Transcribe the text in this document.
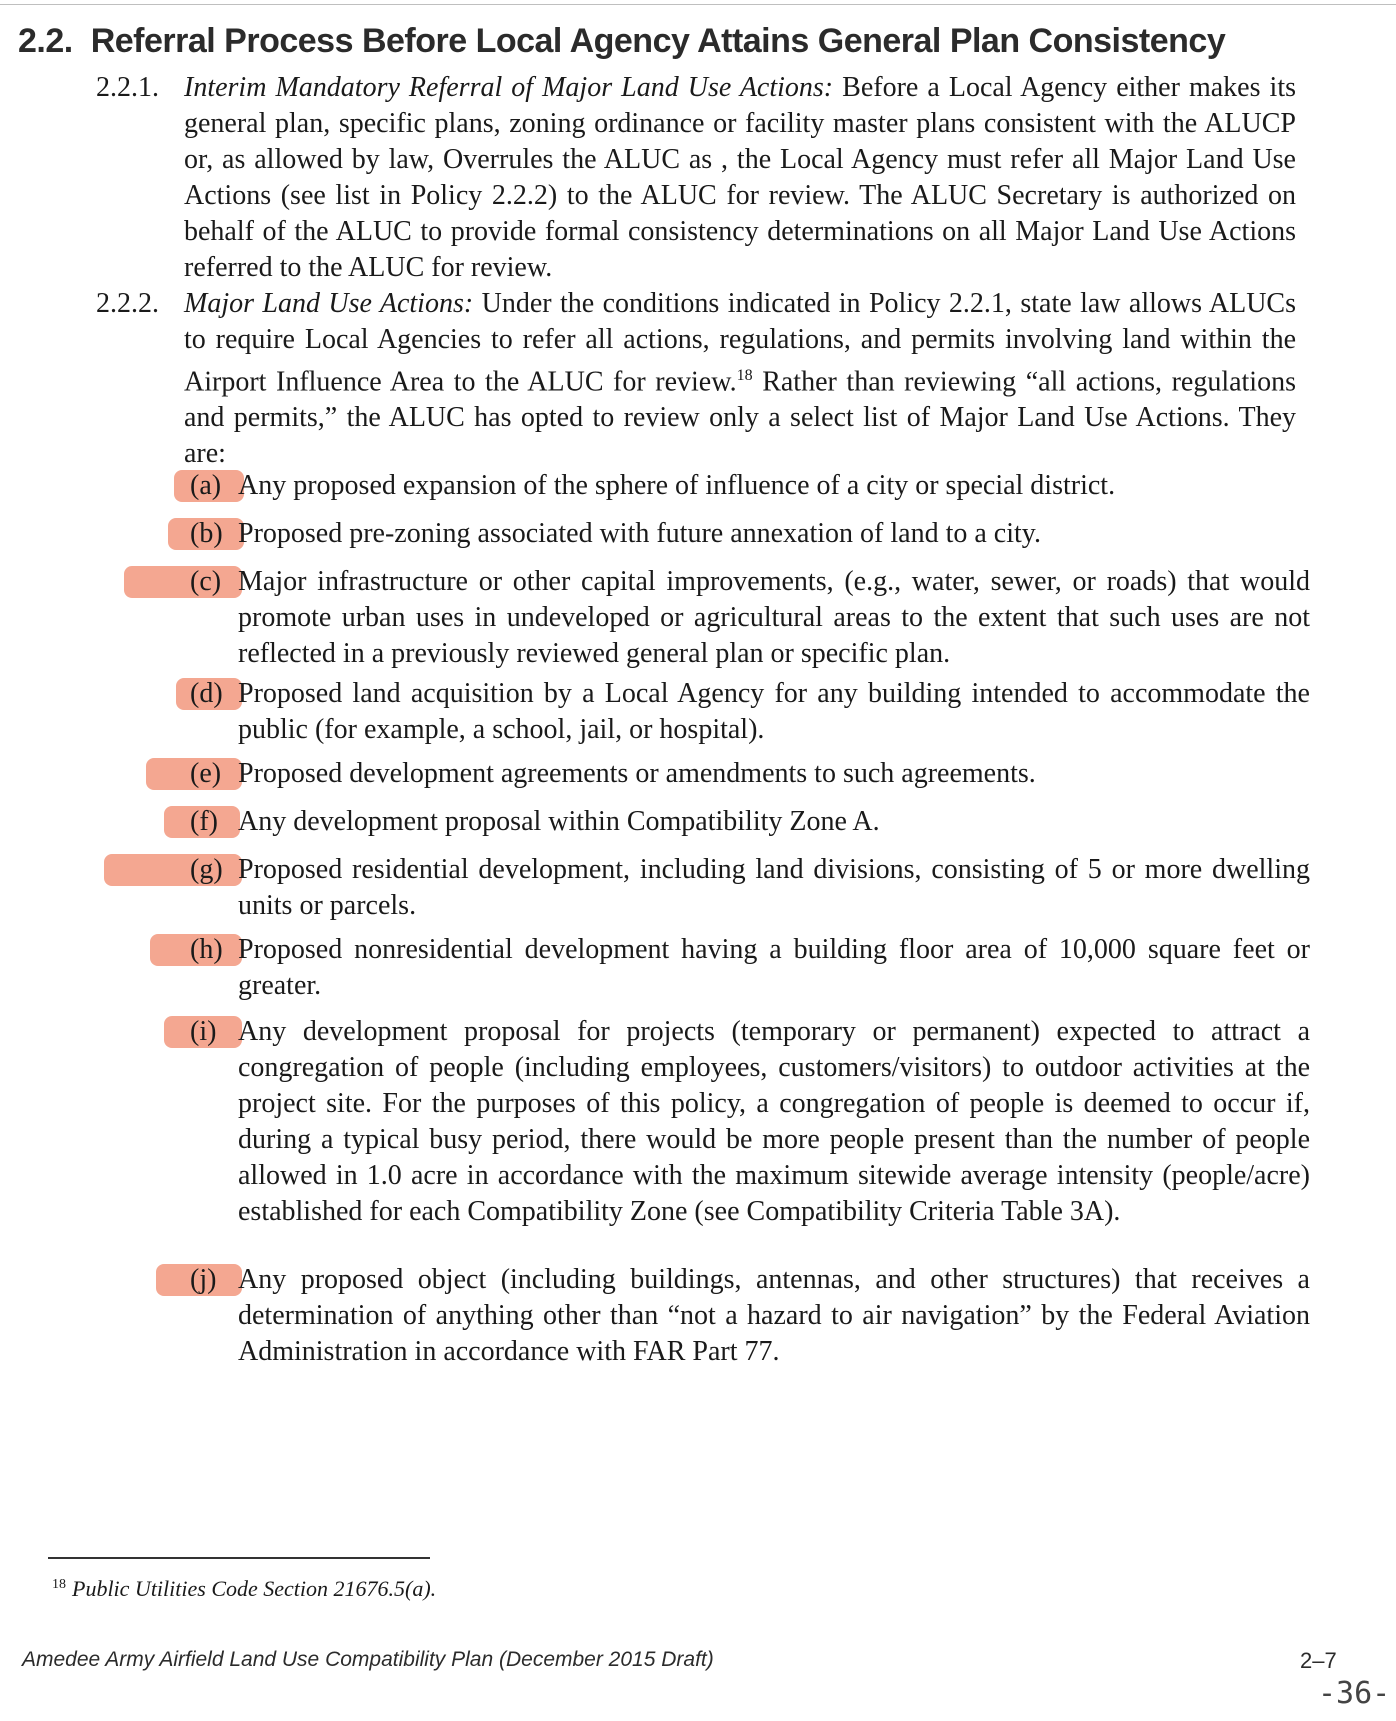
2.2. Referral Process Before Local Agency Attains General Plan Consistency
2.2.1. Interim Mandatory Referral of Major Land Use Actions: Before a Local Agency either makes its general plan, specific plans, zoning ordinance or facility master plans consistent with the ALUCP or, as allowed by law, Overrules the ALUC as , the Local Agency must refer all Major Land Use Actions (see list in Policy 2.2.2) to the ALUC for review. The ALUC Secretary is authorized on behalf of the ALUC to provide formal consistency determinations on all Major Land Use Actions referred to the ALUC for review.
2.2.2. Major Land Use Actions: Under the conditions indicated in Policy 2.2.1, state law allows ALUCs to require Local Agencies to refer all actions, regulations, and permits involving land within the Airport Influence Area to the ALUC for review.$^{18}$ Rather than reviewing “all actions, regulations and permits,” the ALUC has opted to review only a select list of Major Land Use Actions. They are:
(a) Any proposed expansion of the sphere of influence of a city or special district.
(b) Proposed pre-zoning associated with future annexation of land to a city.
(c) Major infrastructure or other capital improvements, (e.g., water, sewer, or roads) that would promote urban uses in undeveloped or agricultural areas to the extent that such uses are not reflected in a previously reviewed general plan or specific plan.
(d) Proposed land acquisition by a Local Agency for any building intended to accommodate the public (for example, a school, jail, or hospital).
(e) Proposed development agreements or amendments to such agreements.
(f) Any development proposal within Compatibility Zone A.
(g) Proposed residential development, including land divisions, consisting of 5 or more dwelling units or parcels.
(h) Proposed nonresidential development having a building floor area of 10,000 square feet or greater.
(i) Any development proposal for projects (temporary or permanent) expected to attract a congregation of people (including employees, customers/visitors) to outdoor activities at the project site. For the purposes of this policy, a congregation of people is deemed to occur if, during a typical busy period, there would be more people present than the number of people allowed in 1.0 acre in accordance with the maximum sitewide average intensity (people/acre) established for each Compatibility Zone (see Compatibility Criteria Table 3A).
(j) Any proposed object (including buildings, antennas, and other structures) that receives a determination of anything other than “not a hazard to air navigation” by the Federal Aviation Administration in accordance with FAR Part 77.
$^{18}$ Public Utilities Code Section 21676.5(a).
Amedee Army Airfield Land Use Compatibility Plan (December 2015 Draft)	2–7
-36-
